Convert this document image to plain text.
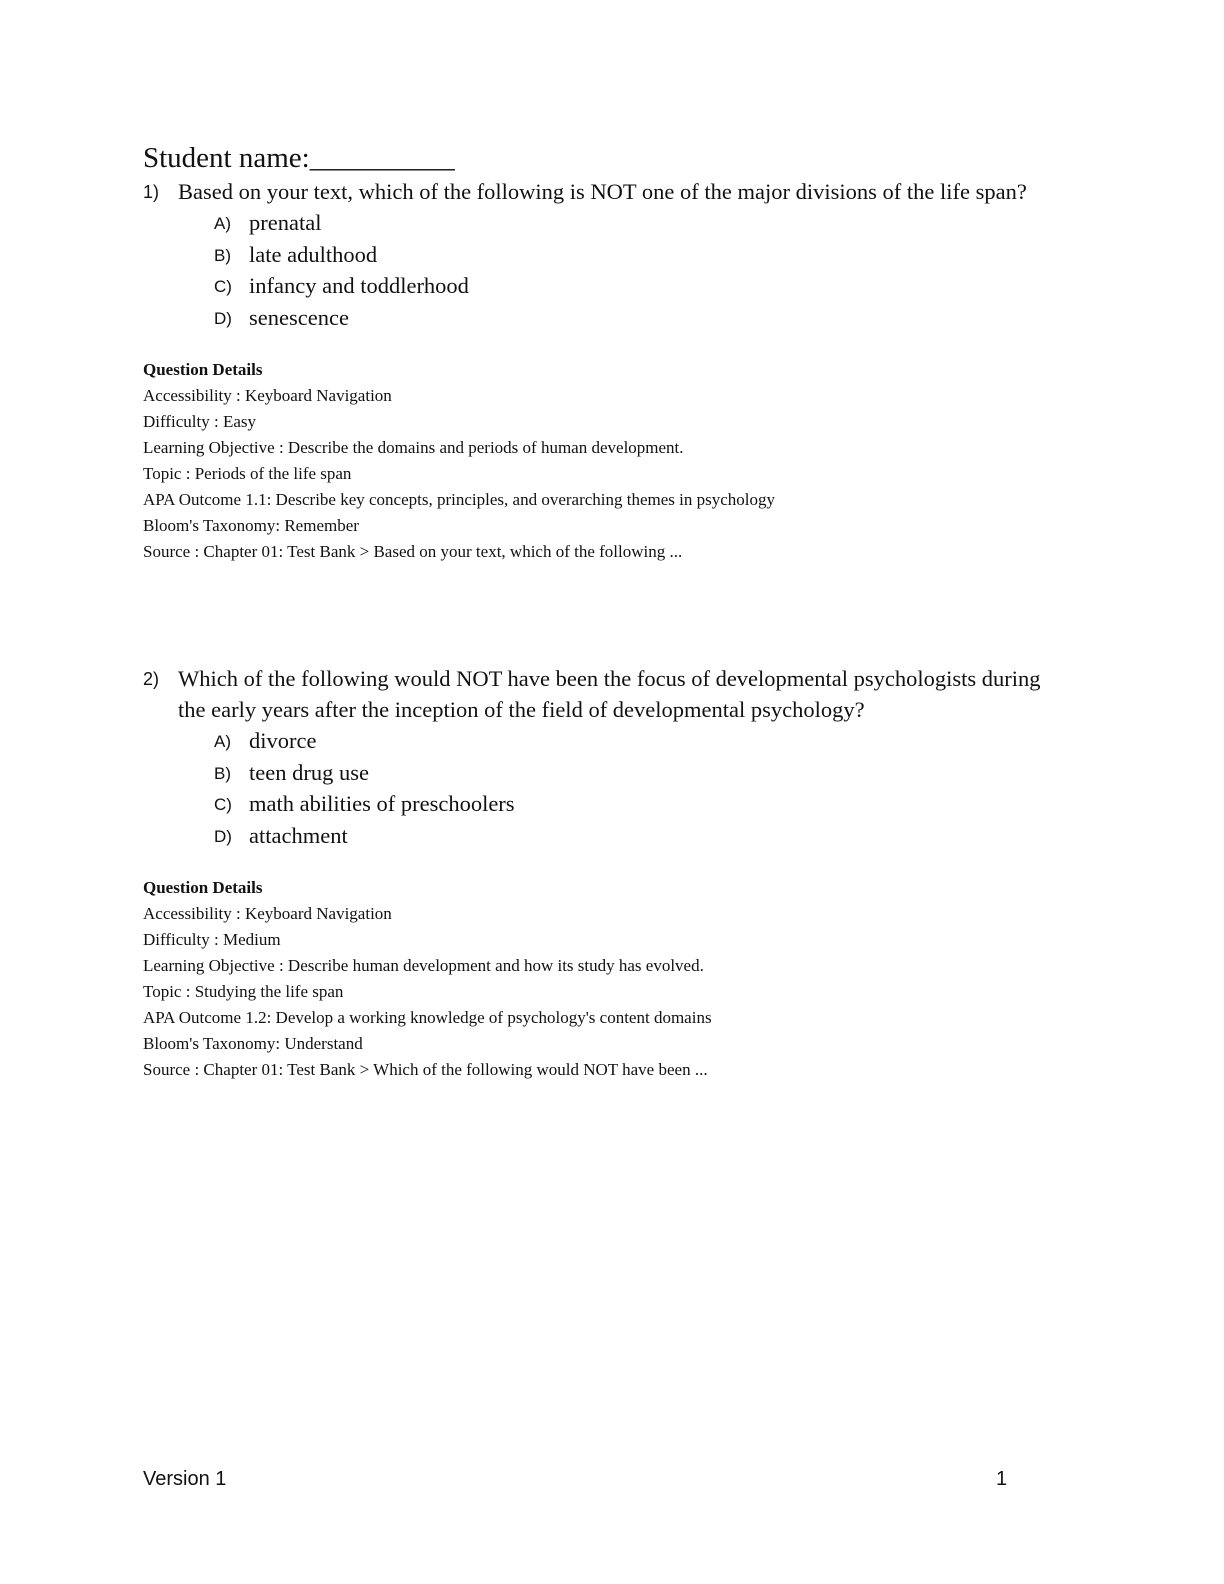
Student name:__________
1) Based on your text, which of the following is NOT one of the major divisions of the life span?
A) prenatal
B) late adulthood
C) infancy and toddlerhood
D) senescence
Question Details
Accessibility : Keyboard Navigation
Difficulty : Easy
Learning Objective : Describe the domains and periods of human development.
Topic : Periods of the life span
APA Outcome 1.1: Describe key concepts, principles, and overarching themes in psychology
Bloom's Taxonomy: Remember
Source : Chapter 01: Test Bank > Based on your text, which of the following ...
2) Which of the following would NOT have been the focus of developmental psychologists during the early years after the inception of the field of developmental psychology?
A) divorce
B) teen drug use
C) math abilities of preschoolers
D) attachment
Question Details
Accessibility : Keyboard Navigation
Difficulty : Medium
Learning Objective : Describe human development and how its study has evolved.
Topic : Studying the life span
APA Outcome 1.2: Develop a working knowledge of psychology's content domains
Bloom's Taxonomy: Understand
Source : Chapter 01: Test Bank > Which of the following would NOT have been ...
Version 1	1
